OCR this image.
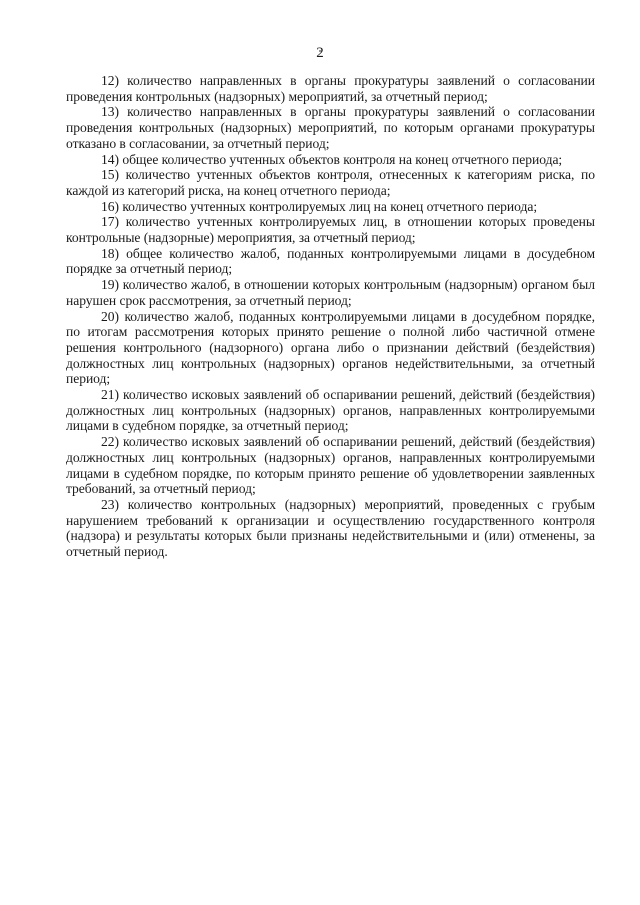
2

12) количество направленных в органы прокуратуры заявлений о согласовании проведения контрольных (надзорных) мероприятий, за отчетный период;

13) количество направленных в органы прокуратуры заявлений о согласовании проведения контрольных (надзорных) мероприятий, по которым органами прокуратуры отказано в согласовании, за отчетный период;

14) общее количество учтенных объектов контроля на конец отчетного периода;

15) количество учтенных объектов контроля, отнесенных к категориям риска, по каждой из категорий риска, на конец отчетного периода;

16) количество учтенных контролируемых лиц на конец отчетного периода;

17) количество учтенных контролируемых лиц, в отношении которых проведены контрольные (надзорные) мероприятия, за отчетный период;

18) общее количество жалоб, поданных контролируемыми лицами в досудебном порядке за отчетный период;

19) количество жалоб, в отношении которых контрольным (надзорным) органом был нарушен срок рассмотрения, за отчетный период;

20) количество жалоб, поданных контролируемыми лицами в досудебном порядке, по итогам рассмотрения которых принято решение о полной либо частичной отмене решения контрольного (надзорного) органа либо о признании действий (бездействия) должностных лиц контрольных (надзорных) органов недействительными, за отчетный период;

21) количество исковых заявлений об оспаривании решений, действий (бездействия) должностных лиц контрольных (надзорных) органов, направленных контролируемыми лицами в судебном порядке, за отчетный период;

22) количество исковых заявлений об оспаривании решений, действий (бездействия) должностных лиц контрольных (надзорных) органов, направленных контролируемыми лицами в судебном порядке, по которым принято решение об удовлетворении заявленных требований, за отчетный период;

23) количество контрольных (надзорных) мероприятий, проведенных с грубым нарушением требований к организации и осуществлению государственного контроля (надзора) и результаты которых были признаны недействительными и (или) отменены, за отчетный период.
